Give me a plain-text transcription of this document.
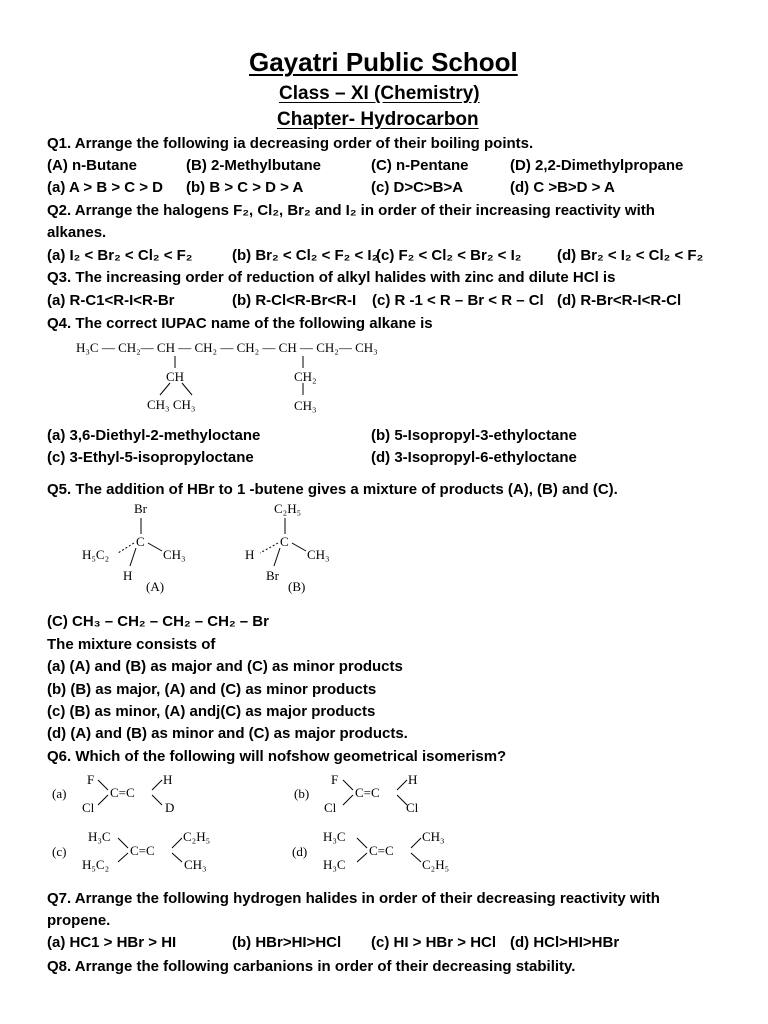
Gayatri Public School
Class – XI (Chemistry)
Chapter- Hydrocarbon
Q1. Arrange the following ia decreasing order of their boiling points.
(A) n-Butane	(B) 2-Methylbutane	(C) n-Pentane	(D) 2,2-Dimethylpropane
(a) A > B > C > D (b) B > C > D > A	(c) D>C>B>A	(d) C >B>D > A
Q2. Arrange the halogens F₂, Cl₂, Br₂ and I₂ in order of their increasing reactivity with
alkanes.
(a) I₂ < Br₂ < Cl₂ < F₂	(b) Br₂ < Cl₂ < F₂ < I₂
(c) F₂ < Cl₂ < Br₂ < I₂ (d) Br₂ < I₂ < Cl₂ < F₂
Q3. The increasing order of reduction of alkyl halides with zinc and dilute HCl is
(a) R-C1<R-I<R-Br	(b) R-Cl<R-Br<R-I (c) R -1 < R – Br < R – Cl (d) R-Br<R-I<R-Cl
Q4. The correct IUPAC name of the following alkane is
H₃C — CH₂— CH — CH₂ — CH₂ — CH — CH₂— CH₃
CH
CH₃ CH₃
CH₂
CH₃
(a) 3,6-Diethyl-2-methyloctane	(b) 5-Isopropyl-3-ethyloctane
(c) 3-Ethyl-5-isopropyloctane	(d) 3-Isopropyl-6-ethyloctane
Q5. The addition of HBr to 1 -butene gives a mixture of products (A), (B) and (C).
Br
H₅C₂
C
CH₃
H
(A)
C₂H₅
H
C
CH₃
Br
(B)
(C) CH₃ – CH₂ – CH₂ – CH₂ – Br
The mixture consists of
(a) (A) and (B) as major and (C) as minor products
(b) (B) as major, (A) and (C) as minor products
(c) (B) as minor, (A) andj(C) as major products
(d) (A) and (B) as minor and (C) as major products.
Q6. Which of the following will nofshow geometrical isomerism?
(a)
F
Cl
C=C
H
D
(b)
F
Cl
C=C
H
Cl
(c)
H₃C
H₅C₂
C=C
C₂H₅
CH₃
(d)
H₃C
H₃C
C=C
CH₃
C₂H₅
Q7. Arrange the following hydrogen halides in order of their decreasing reactivity with
propene.
(a) HC1 > HBr > HI	(b) HBr>HI>HCl (c) HI > HBr > HCl (d) HCl>HI>HBr
Q8. Arrange the following carbanions in order of their decreasing stability.
